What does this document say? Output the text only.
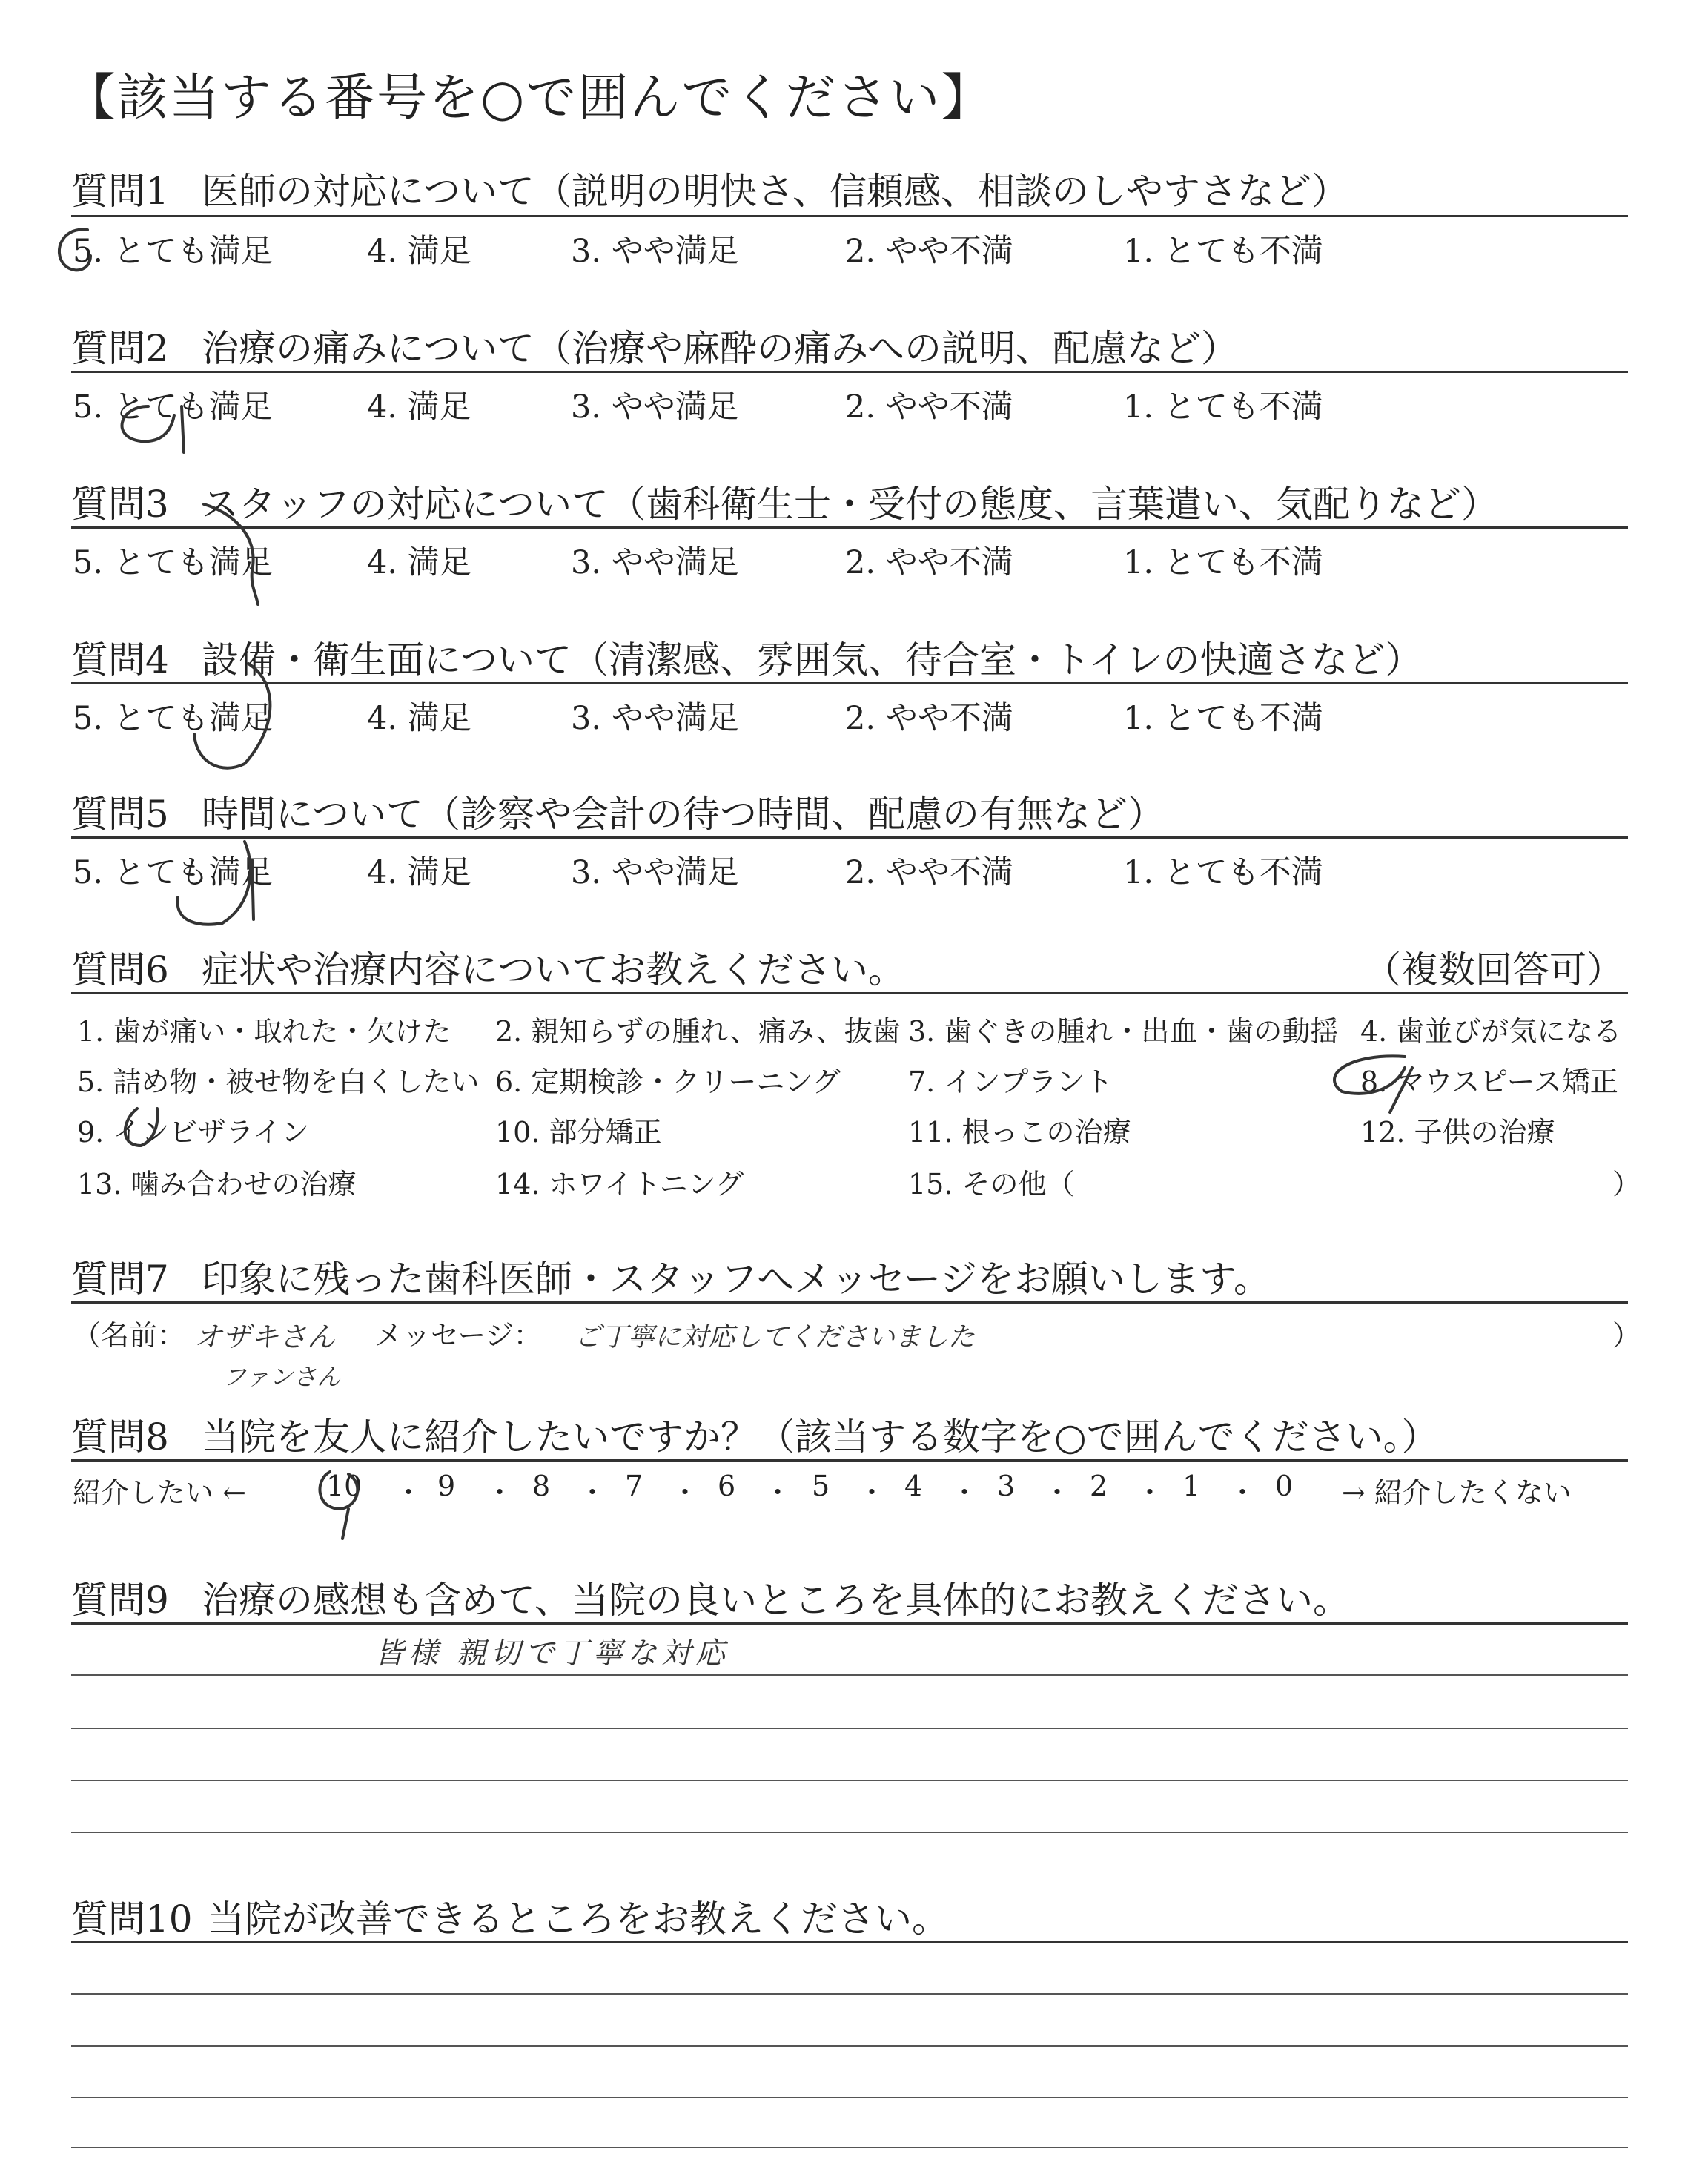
【該当する番号を○で囲んでください】
質問1 医師の対応について（説明の明快さ、信頼感、相談のしやすさなど）
5. とても満足	4. 満足	3. やや満足	2. やや不満	1. とても不満
質問2 治療の痛みについて（治療や麻酔の痛みへの説明、配慮など）
5. とても満足	4. 満足	3. やや満足	2. やや不満	1. とても不満
質問3 スタッフの対応について（歯科衛生士・受付の態度、言葉遣い、気配りなど）
5. とても満足	4. 満足	3. やや満足	2. やや不満	1. とても不満
質問4 設備・衛生面について（清潔感、雰囲気、待合室・トイレの快適さなど）
5. とても満足	4. 満足	3. やや満足	2. やや不満	1. とても不満
質問5 時間について（診察や会計の待つ時間、配慮の有無など）
5. とても満足	4. 満足	3. やや満足	2. やや不満	1. とても不満
質問6 症状や治療内容についてお教えください。	（複数回答可）
1. 歯が痛い・取れた・欠けた 2. 親知らずの腫れ、痛み、抜歯 3. 歯ぐきの腫れ・出血・歯の動揺 4. 歯並びが気になる
5. 詰め物・被せ物を白くしたい 6. 定期検診・クリーニング 7. インプラント	8. マウスピース矯正
9. インビザライン	10. 部分矯正	11. 根っこの治療	12. 子供の治療
13. 噛み合わせの治療	14. ホワイトニング	15. その他（	）
質問7 印象に残った歯科医師・スタッフへメッセージをお願いします。
（名前： オザキさん
ファンさん
メッセージ： ご丁寧に対応してくださいました	）
質問8 当院を友人に紹介したいですか？（該当する数字を○で囲んでください。）
紹介したい ←	→ 紹介したくない
10 ・ 9 ・ 8 ・ 7 ・ 6 ・ 5 ・ 4 ・ 3 ・ 2 ・ 1 ・ 0
質問9 治療の感想も含めて、当院の良いところを具体的にお教えください。
皆様 親切で丁寧な対応
質問10 当院が改善できるところをお教えください。
